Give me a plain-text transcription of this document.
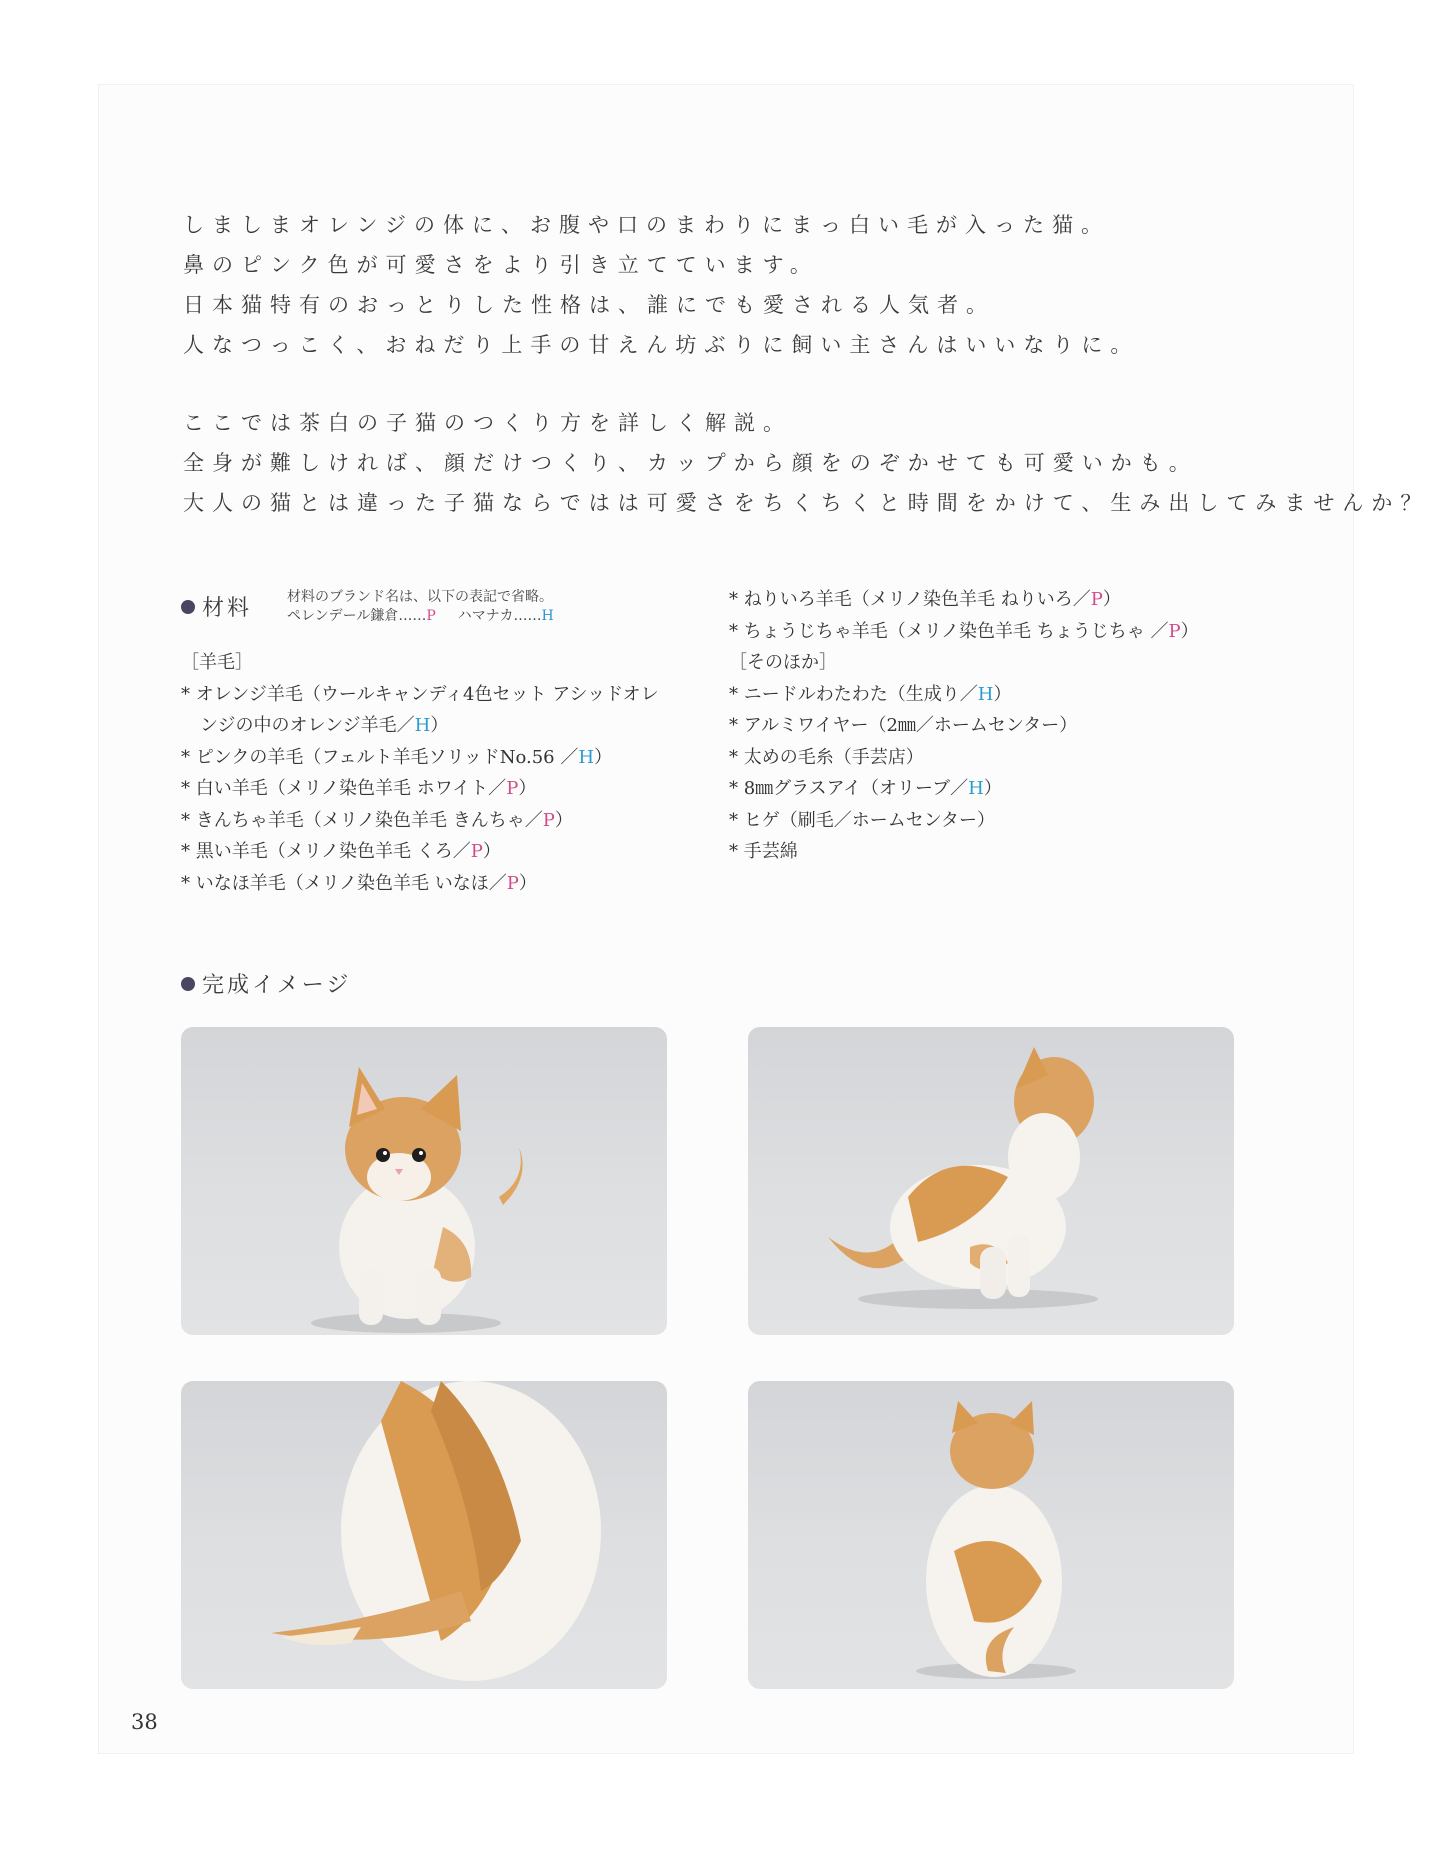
しましまオレンジの体に、お腹や口のまわりにまっ白い毛が入った猫。
鼻のピンク色が可愛さをより引き立てています。
日本猫特有のおっとりした性格は、誰にでも愛される人気者。
人なつっこく、おねだり上手の甘えん坊ぶりに飼い主さんはいいなりに。
ここでは茶白の子猫のつくり方を詳しく解説。
全身が難しければ、顔だけつくり、カップから顔をのぞかせても可愛いかも。
大人の猫とは違った子猫ならではは可愛さをちくちくと時間をかけて、生み出してみませんか？
材料 材料のブランド名は、以下の表記で省略。
ペレンデール鎌倉……P ハマナカ……H
［羊毛］
* オレンジ羊毛（ウールキャンディ4色セット アシッドオレ
ンジの中のオレンジ羊毛／H）
* ピンクの羊毛（フェルト羊毛ソリッドNo.56 ／H）
* 白い羊毛（メリノ染色羊毛 ホワイト／P）
* きんちゃ羊毛（メリノ染色羊毛 きんちゃ／P）
* 黒い羊毛（メリノ染色羊毛 くろ／P）
* いなほ羊毛（メリノ染色羊毛 いなほ／P）
* ねりいろ羊毛（メリノ染色羊毛 ねりいろ／P）
* ちょうじちゃ羊毛（メリノ染色羊毛 ちょうじちゃ ／P）
［そのほか］
* ニードルわたわた（生成り／H）
* アルミワイヤー（2㎜／ホームセンター）
* 太めの毛糸（手芸店）
* 8㎜グラスアイ（オリーブ／H）
* ヒゲ（刷毛／ホームセンター）
* 手芸綿
完成イメージ
38
